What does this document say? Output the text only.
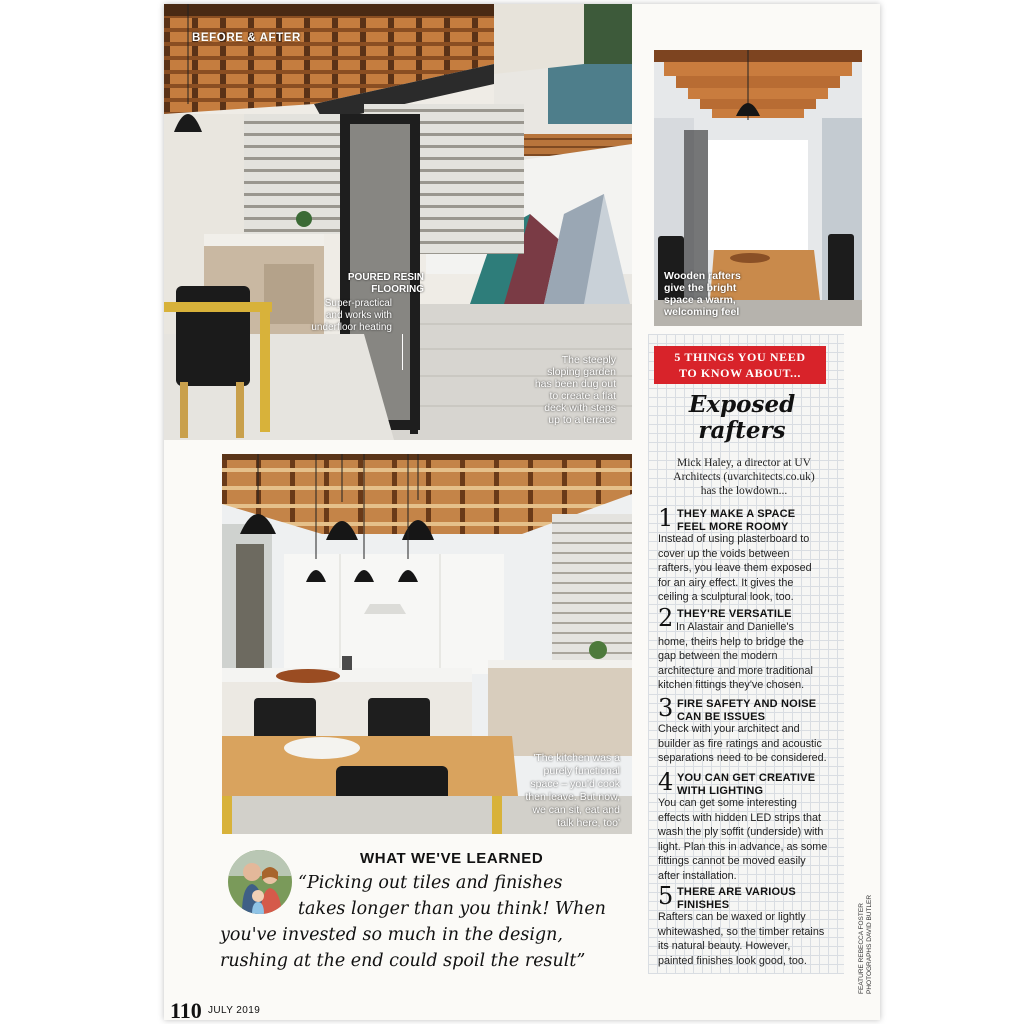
BEFORE & AFTER
POURED RESIN
FLOORING
Super-practical
and works with
underfloor heating
The steeply
sloping garden
has been dug out
to create a flat
deck with steps
up to a terrace
Wooden rafters
give the bright
space a warm,
welcoming feel
'The kitchen was a
purely functional
space – you'd cook
then leave. But now,
we can sit, eat and
talk here, too'
5 THINGS YOU NEED
TO KNOW ABOUT...
Exposed
rafters
Mick Haley, a director at UV
Architects (uvarchitects.co.uk)
has the lowdown...
1 THEY MAKE A SPACE
FEEL MORE ROOMY
Instead of using plasterboard to
cover up the voids between
rafters, you leave them exposed
for an airy effect. It gives the
ceiling a sculptural look, too.
2 THEY'RE VERSATILE
In Alastair and Danielle's
home, theirs help to bridge the
gap between the modern
architecture and more traditional
kitchen fittings they've chosen.
3 FIRE SAFETY AND NOISE
CAN BE ISSUES
Check with your architect and
builder as fire ratings and acoustic
separations need to be considered.
4 YOU CAN GET CREATIVE
WITH LIGHTING
You can get some interesting
effects with hidden LED strips that
wash the ply soffit (underside) with
light. Plan this in advance, as some
fittings cannot be moved easily
after installation.
5 THERE ARE VARIOUS
FINISHES
Rafters can be waxed or lightly
whitewashed, so the timber retains
its natural beauty. However,
painted finishes look good, too.
WHAT WE'VE LEARNED
“Picking out tiles and finishes
takes longer than you think! When
you've invested so much in the design,
rushing at the end could spoil the result”
110 JULY 2019
FEATURE REBECCA FOSTER PHOTOGRAPHS DAVID BUTLER
